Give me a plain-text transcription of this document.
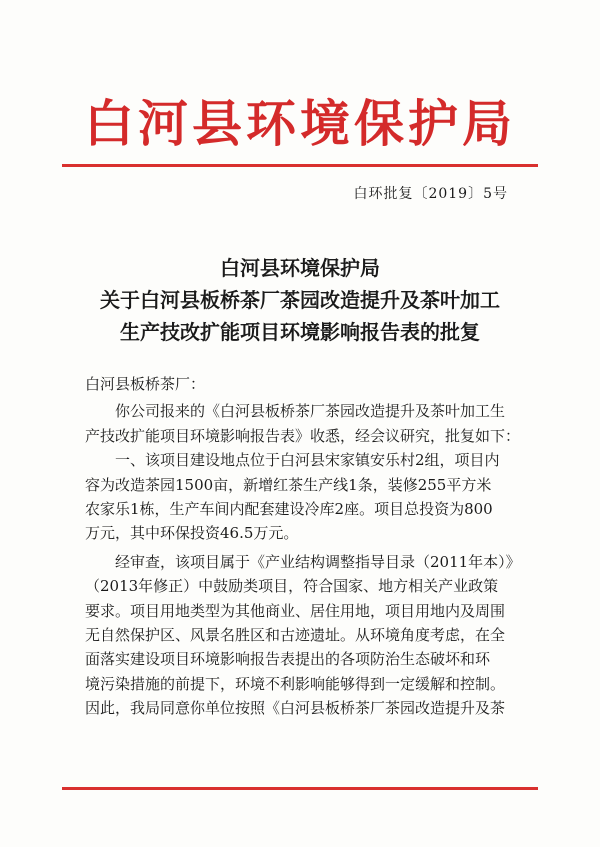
白河县环境保护局
白环批复〔2019〕5号
白河县环境保护局
关于白河县板桥茶厂茶园改造提升及茶叶加工
生产技改扩能项目环境影响报告表的批复

白河县板桥茶厂：

你公司报来的《白河县板桥茶厂茶园改造提升及茶叶加工生

产技改扩能项目环境影响报告表》收悉，经会议研究，批复如下：

一、该项目建设地点位于白河县宋家镇安乐村2组，项目内

容为改造茶园1500亩，新增红茶生产线1条，装修255平方米

农家乐1栋，生产车间内配套建设冷库2座。项目总投资为800

万元，其中环保投资46.5万元。

经审查，该项目属于《产业结构调整指导目录（2011年本）》

（2013年修正）中鼓励类项目，符合国家、地方相关产业政策

要求。项目用地类型为其他商业、居住用地，项目用地内及周围

无自然保护区、风景名胜区和古迹遗址。从环境角度考虑，在全

面落实建设项目环境影响报告表提出的各项防治生态破坏和环

境污染措施的前提下，环境不利影响能够得到一定缓解和控制。

因此，我局同意你单位按照《白河县板桥茶厂茶园改造提升及茶
